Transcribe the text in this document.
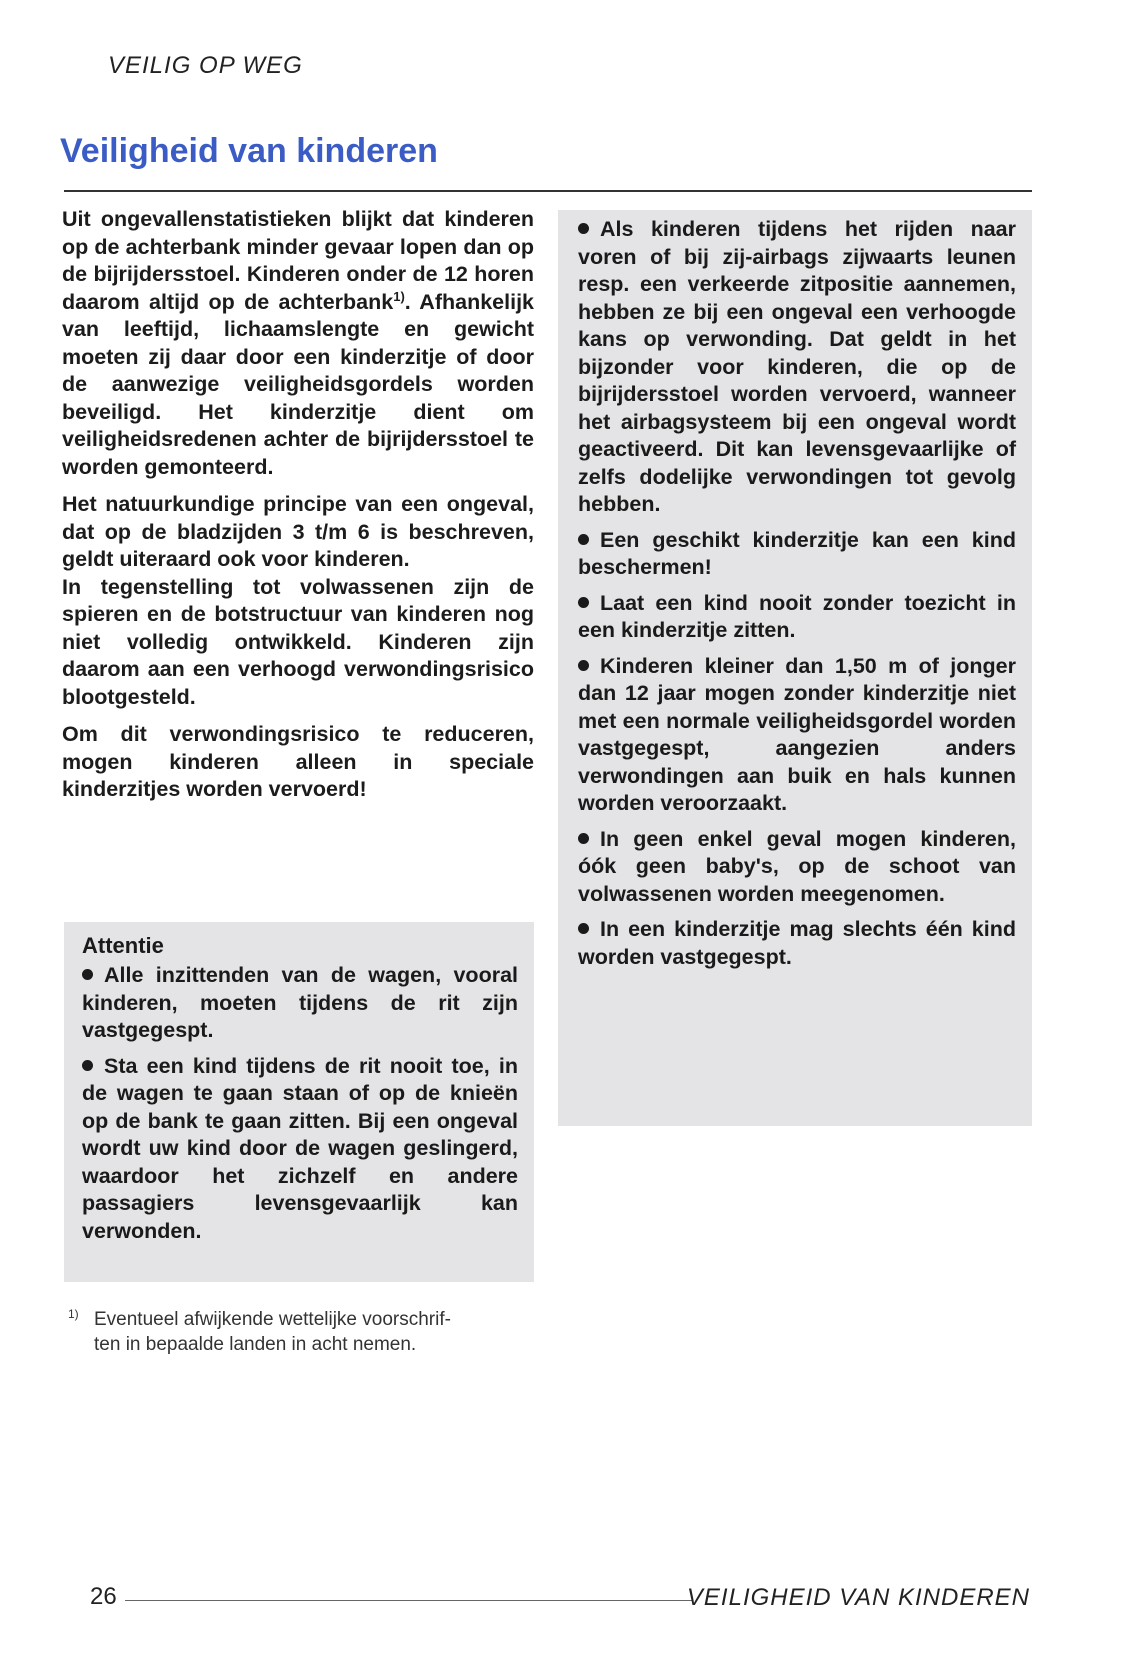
VEILIG OP WEG
Veiligheid van kinderen

Uit ongevallenstatistieken blijkt dat kinderen op de achterbank minder gevaar lopen dan op de bijrijdersstoel. Kinderen onder de 12 horen daarom altijd op de achterbank$^{1)}$. Afhankelijk van leeftijd, lichaamslengte en gewicht moeten zij daar door een kinderzitje of door de aanwezige veiligheidsgordels worden beveiligd. Het kinderzitje dient om veiligheidsredenen achter de bijrijdersstoel te worden gemonteerd.

Het natuurkundige principe van een ongeval, dat op de bladzijden 3 t/m 6 is beschreven, geldt uiteraard ook voor kinderen.

In tegenstelling tot volwassenen zijn de spieren en de botstructuur van kinderen nog niet volledig ontwikkeld. Kinderen zijn daarom aan een verhoogd verwondingsrisico blootgesteld.

Om dit verwondingsrisico te reduceren, mogen kinderen alleen in speciale kinderzitjes worden vervoerd!

Attentie
Alle inzittenden van de wagen, vooral kinderen, moeten tijdens de rit zijn vastgegespt.
Sta een kind tijdens de rit nooit toe, in de wagen te gaan staan of op de knieën op de bank te gaan zitten. Bij een ongeval wordt uw kind door de wagen geslingerd, waardoor het zichzelf en andere passagiers levensgevaarlijk kan verwonden.
Als kinderen tijdens het rijden naar voren of bij zij-airbags zijwaarts leunen resp. een verkeerde zitpositie aannemen, hebben ze bij een ongeval een verhoogde kans op verwonding. Dat geldt in het bijzonder voor kinderen, die op de bijrijdersstoel worden vervoerd, wanneer het airbagsysteem bij een ongeval wordt geactiveerd. Dit kan levensgevaarlijke of zelfs dodelijke verwondingen tot gevolg hebben.
Een geschikt kinderzitje kan een kind beschermen!
Laat een kind nooit zonder toezicht in een kinderzitje zitten.
Kinderen kleiner dan 1,50 m of jonger dan 12 jaar mogen zonder kinderzitje niet met een normale veiligheidsgordel worden vastgegespt, aangezien anders verwondingen aan buik en hals kunnen worden veroorzaakt.
In geen enkel geval mogen kinderen, óók geen baby's, op de schoot van volwassenen worden meegenomen.
In een kinderzitje mag slechts één kind worden vastgegespt.
1) Eventueel afwijkende wettelijke voorschrif-
ten in bepaalde landen in acht nemen.
26	VEILIGHEID VAN KINDEREN
